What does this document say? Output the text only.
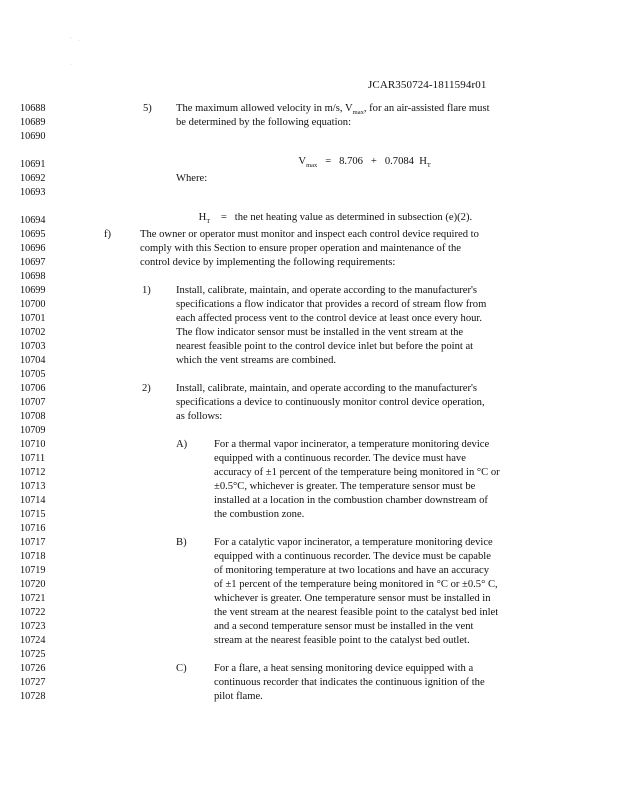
· ·
·
JCAR350724-1811594r01
10688
10689
10690
10691
10692
10693
10694
10695
10696
10697
10698
10699
10700
10701
10702
10703
10704
10705
10706
10707
10708
10709
10710
10711
10712
10713
10714
10715
10716
10717
10718
10719
10720
10721
10722
10723
10724
10725
10726
10727
10728
5) The maximum allowed velocity in m/s, $V_{max}$, for an air-assisted flare must
be determined by the following equation:

$V_{max} = 8.706 + 0.7084$  $H_T$

Where:

$H_T$ =   the net heating value as determined in subsection (e)(2).

f)	The owner or operator must monitor and inspect each control device required to
comply with this Section to ensure proper operation and maintenance of the
control device by implementing the following requirements:
1) Install, calibrate, maintain, and operate according to the manufacturer's
specifications a flow indicator that provides a record of stream flow from
each affected process vent to the control device at least once every hour.
The flow indicator sensor must be installed in the vent stream at the
nearest feasible point to the control device inlet but before the point at
which the vent streams are combined.
2) Install, calibrate, maintain, and operate according to the manufacturer's
specifications a device to continuously monitor control device operation,
as follows:
A)	For a thermal vapor incinerator, a temperature monitoring device
equipped with a continuous recorder. The device must have
accuracy of ±1 percent of the temperature being monitored in °C or
±0.5°C, whichever is greater. The temperature sensor must be
installed at a location in the combustion chamber downstream of
the combustion zone.
B)	For a catalytic vapor incinerator, a temperature monitoring device
equipped with a continuous recorder. The device must be capable
of monitoring temperature at two locations and have an accuracy
of ±1 percent of the temperature being monitored in °C or ±0.5° C,
whichever is greater. One temperature sensor must be installed in
the vent stream at the nearest feasible point to the catalyst bed inlet
and a second temperature sensor must be installed in the vent
stream at the nearest feasible point to the catalyst bed outlet.
C)	For a flare, a heat sensing monitoring device equipped with a
continuous recorder that indicates the continuous ignition of the
pilot flame.
